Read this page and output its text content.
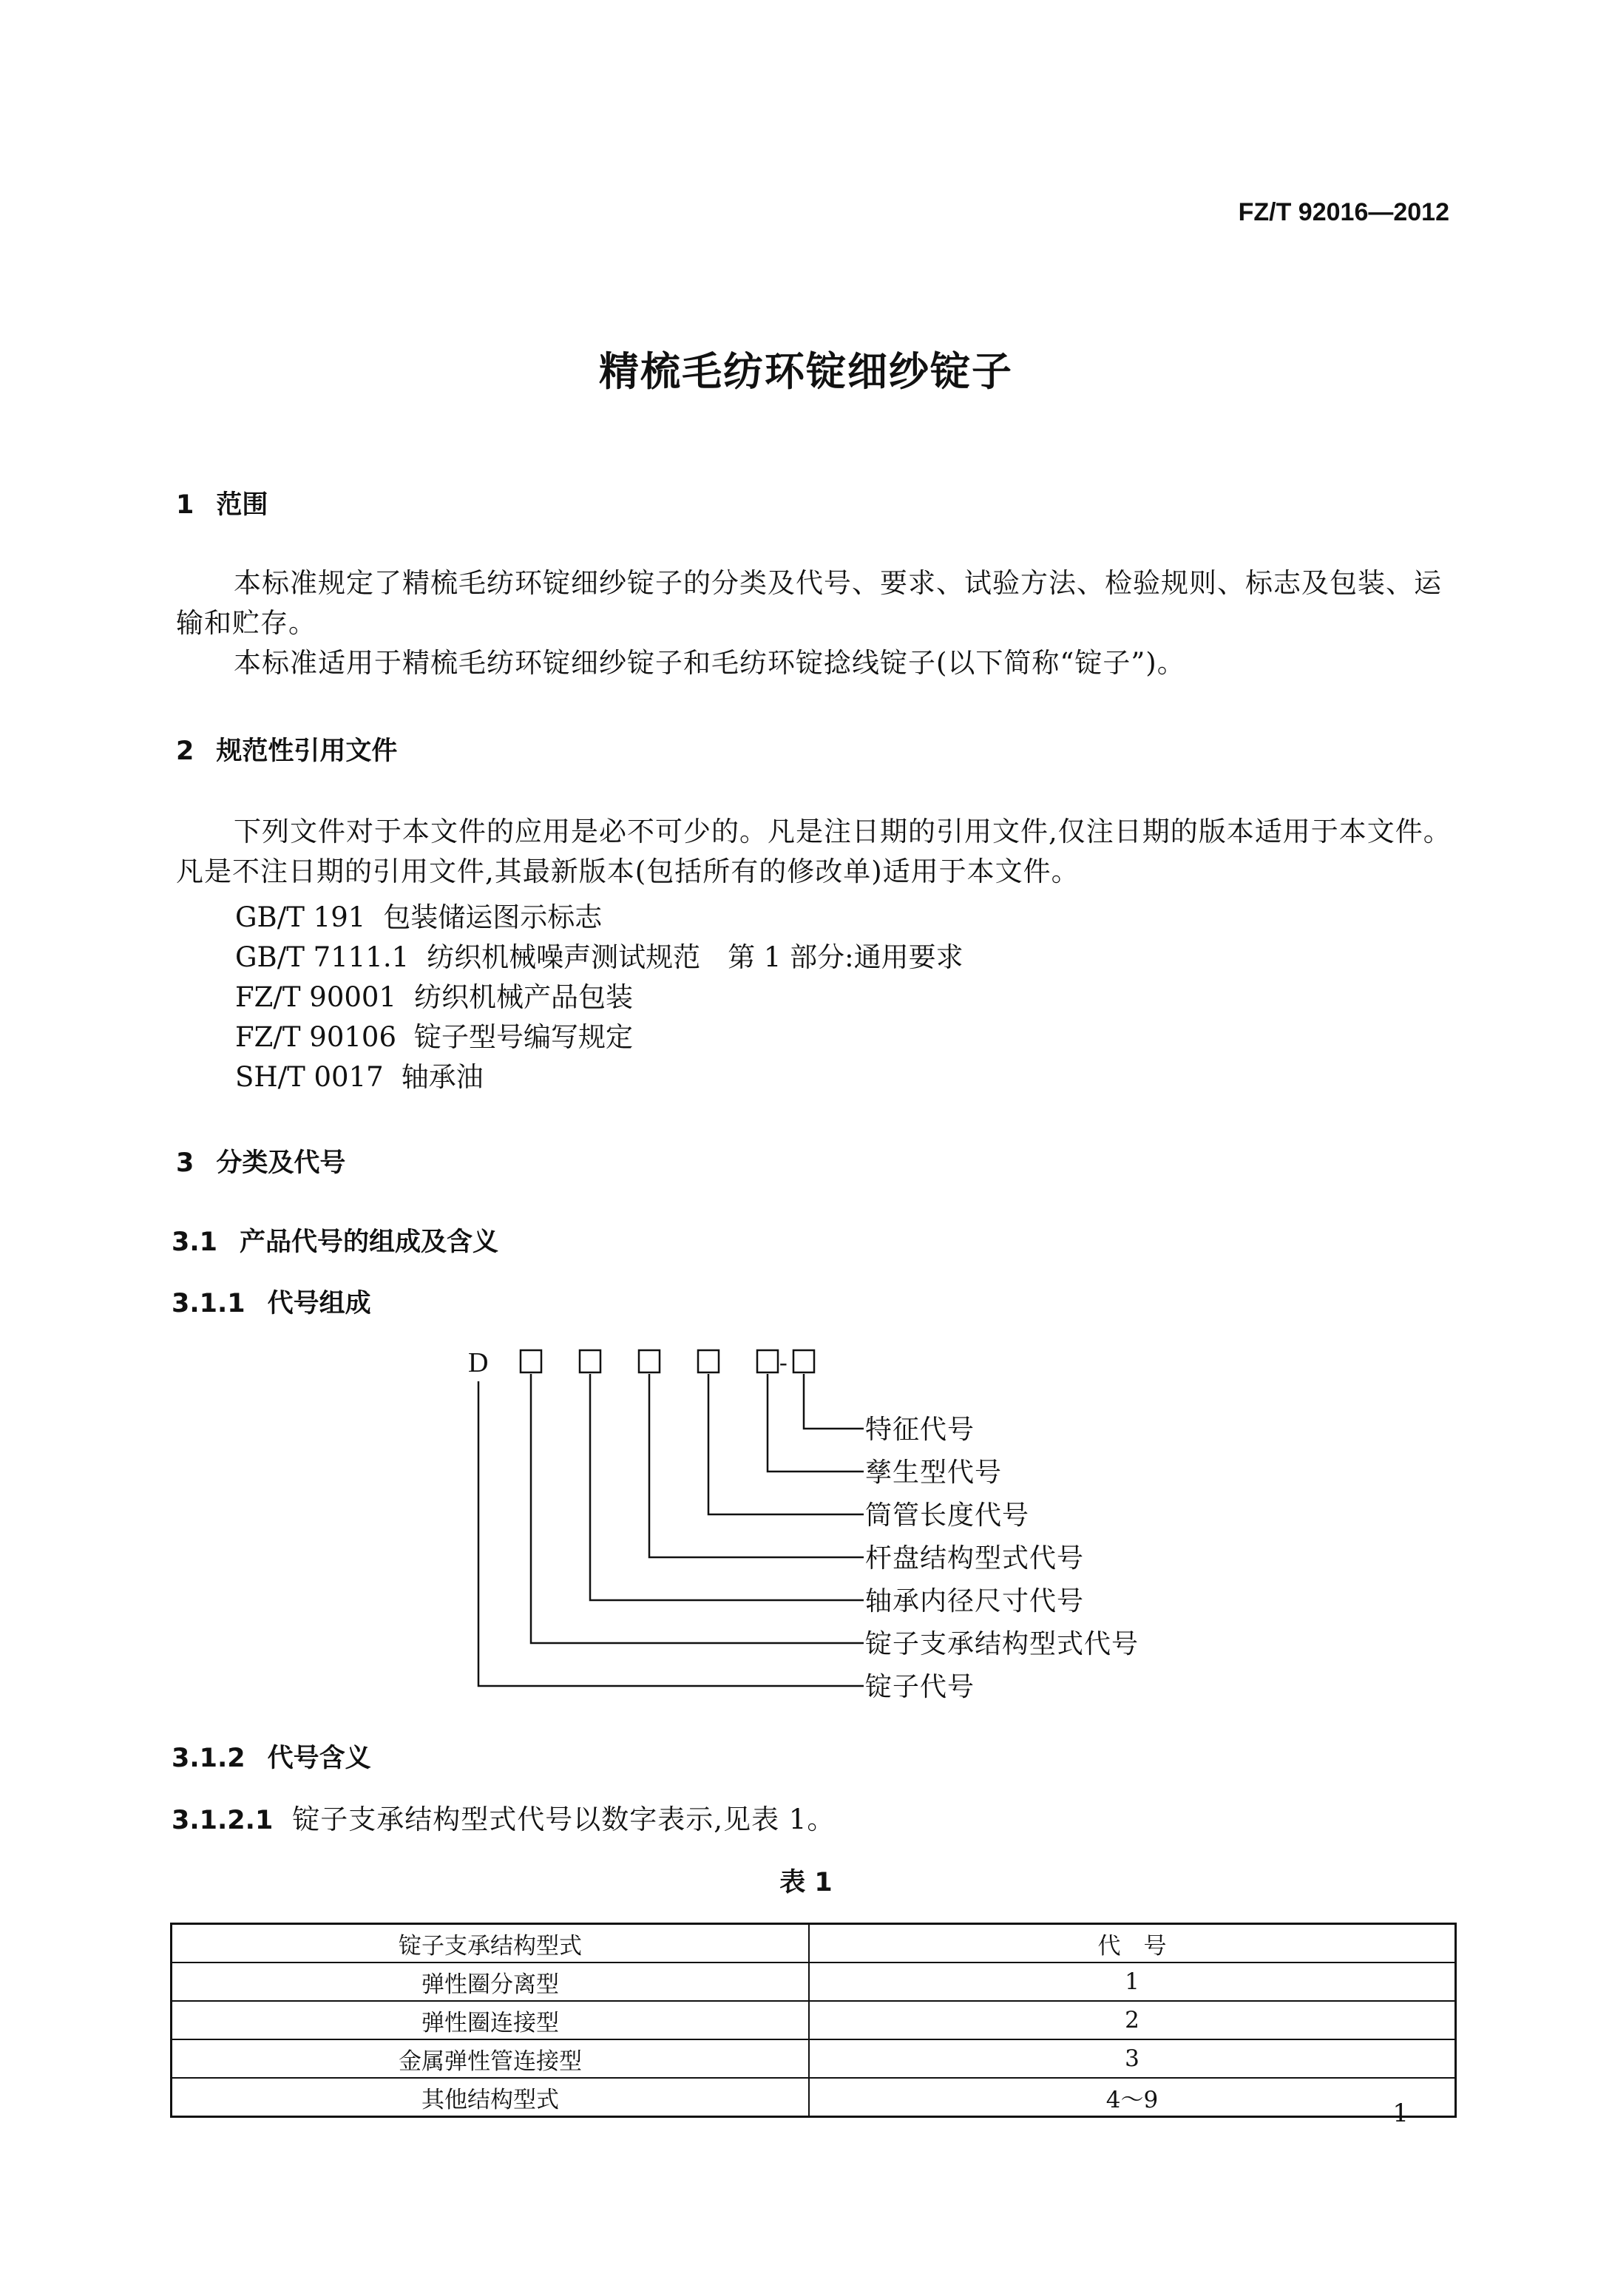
FZ/T 92016—2012
精梳毛纺环锭细纱锭子
1 范围
本标准规定了精梳毛纺环锭细纱锭子的分类及代号、要求、试验方法、检验规则、标志及包装、运输和贮存。
本标准适用于精梳毛纺环锭细纱锭子和毛纺环锭捻线锭子(以下简称“锭子”)。
2 规范性引用文件
下列文件对于本文件的应用是必不可少的。凡是注日期的引用文件,仅注日期的版本适用于本文件。凡是不注日期的引用文件,其最新版本(包括所有的修改单)适用于本文件。
GB/T 191 包装储运图示标志
GB/T 7111.1 纺织机械噪声测试规范　第 1 部分:通用要求
FZ/T 90001 纺织机械产品包装
FZ/T 90106 锭子型号编写规定
SH/T 0017 轴承油
3 分类及代号
3.1 产品代号的组成及含义
3.1.1 代号组成
D	-
特征代号
孳生型代号
筒管长度代号
杆盘结构型式代号
轴承内径尺寸代号
锭子支承结构型式代号
锭子代号
3.1.2 代号含义
3.1.2.1 锭子支承结构型式代号以数字表示,见表 1。
表 1
锭子支承结构型式	代　号
弹性圈分离型	1
弹性圈连接型	2
金属弹性管连接型	3
其他结构型式	4～9	1
